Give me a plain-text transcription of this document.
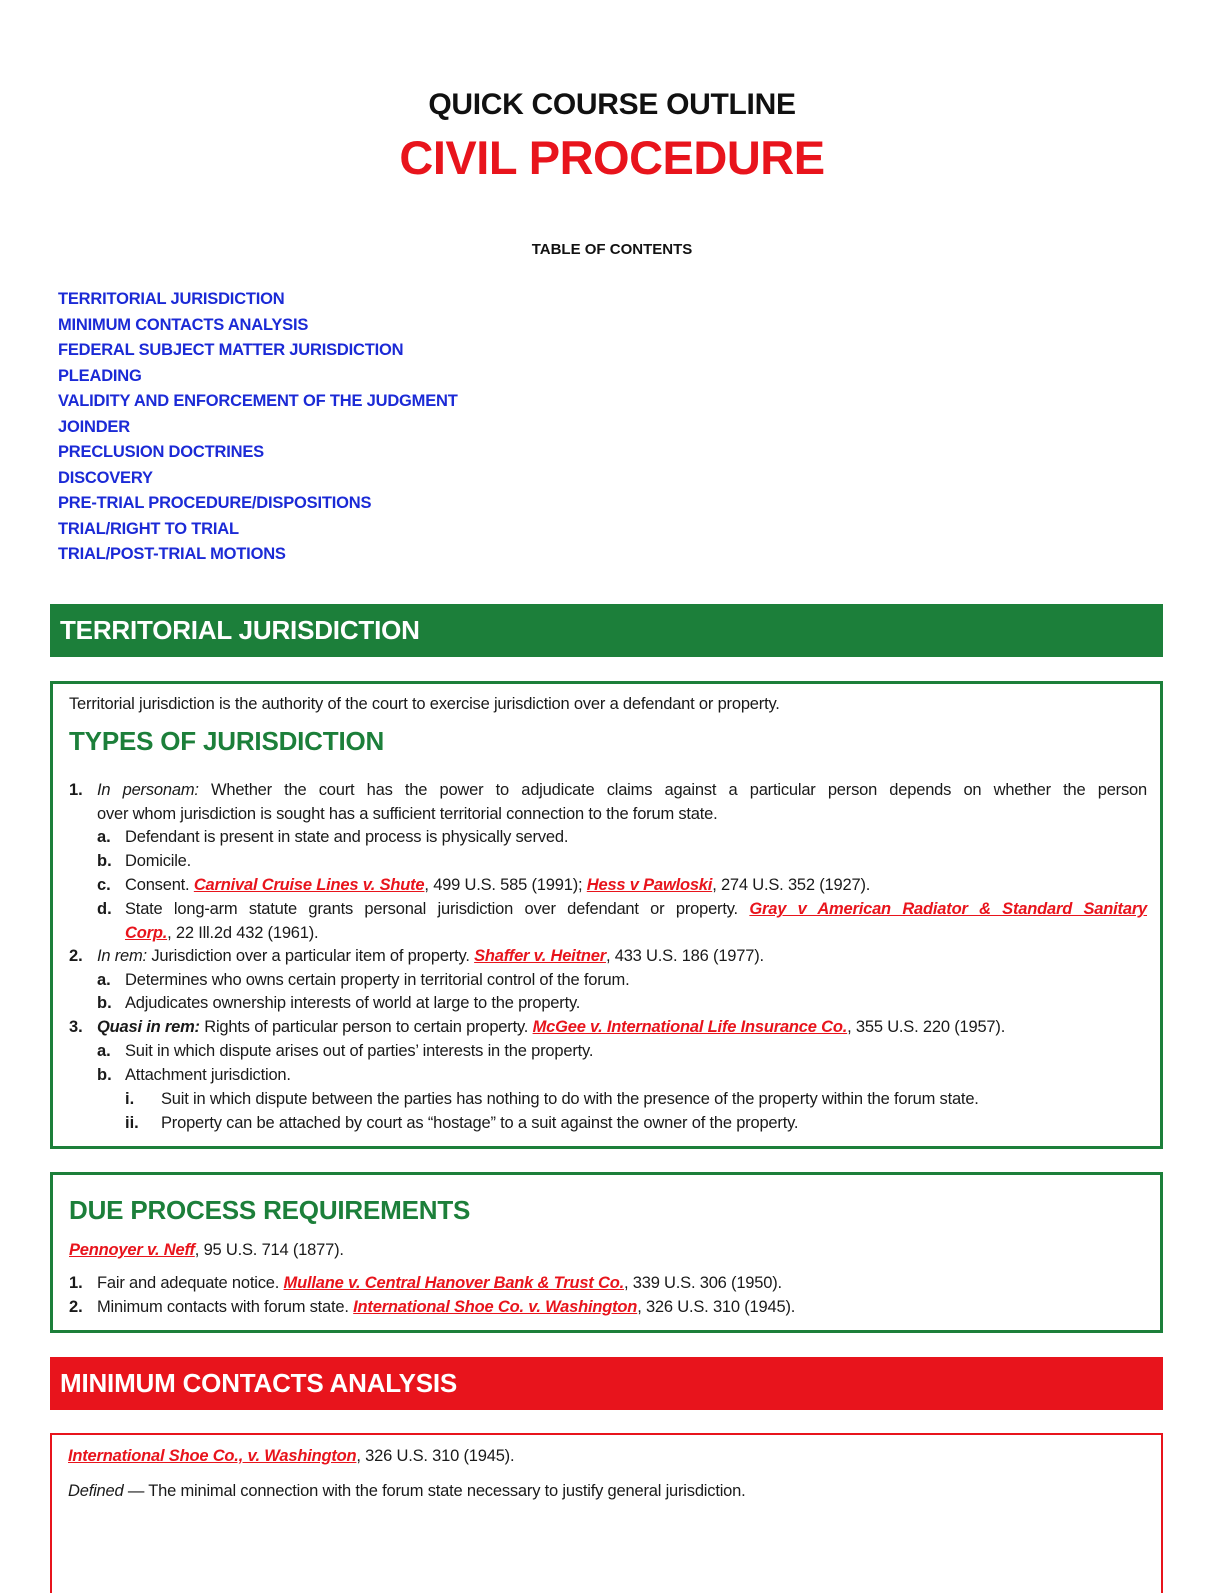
QUICK COURSE OUTLINE
CIVIL PROCEDURE
TABLE OF CONTENTS
TERRITORIAL JURISDICTION
MINIMUM CONTACTS ANALYSIS
FEDERAL SUBJECT MATTER JURISDICTION
PLEADING
VALIDITY AND ENFORCEMENT OF THE JUDGMENT
JOINDER
PRECLUSION DOCTRINES
DISCOVERY
PRE-TRIAL PROCEDURE/DISPOSITIONS
TRIAL/RIGHT TO TRIAL
TRIAL/POST-TRIAL MOTIONS
TERRITORIAL JURISDICTION
Territorial jurisdiction is the authority of the court to exercise jurisdiction over a defendant or property.
TYPES OF JURISDICTION
1. In personam: Whether the court has the power to adjudicate claims against a particular person depends on whether the person
over whom jurisdiction is sought has a sufficient territorial connection to the forum state.
a. Defendant is present in state and process is physically served.
b. Domicile.
c. Consent. Carnival Cruise Lines v. Shute, 499 U.S. 585 (1991); Hess v Pawloski, 274 U.S. 352 (1927).
d. State long-arm statute grants personal jurisdiction over defendant or property. Gray v American Radiator & Standard Sanitary
Corp., 22 Ill.2d 432 (1961).
2. In rem: Jurisdiction over a particular item of property. Shaffer v. Heitner, 433 U.S. 186 (1977).
a. Determines who owns certain property in territorial control of the forum.
b. Adjudicates ownership interests of world at large to the property.
3. Quasi in rem: Rights of particular person to certain property. McGee v. International Life Insurance Co., 355 U.S. 220 (1957).
a. Suit in which dispute arises out of parties’ interests in the property.
b. Attachment jurisdiction.
i. Suit in which dispute between the parties has nothing to do with the presence of the property within the forum state.
ii. Property can be attached by court as “hostage” to a suit against the owner of the property.
DUE PROCESS REQUIREMENTS
Pennoyer v. Neff, 95 U.S. 714 (1877).
1. Fair and adequate notice. Mullane v. Central Hanover Bank & Trust Co., 339 U.S. 306 (1950).
2. Minimum contacts with forum state. International Shoe Co. v. Washington, 326 U.S. 310 (1945).
MINIMUM CONTACTS ANALYSIS
International Shoe Co., v. Washington, 326 U.S. 310 (1945).
Defined — The minimal connection with the forum state necessary to justify general jurisdiction.
